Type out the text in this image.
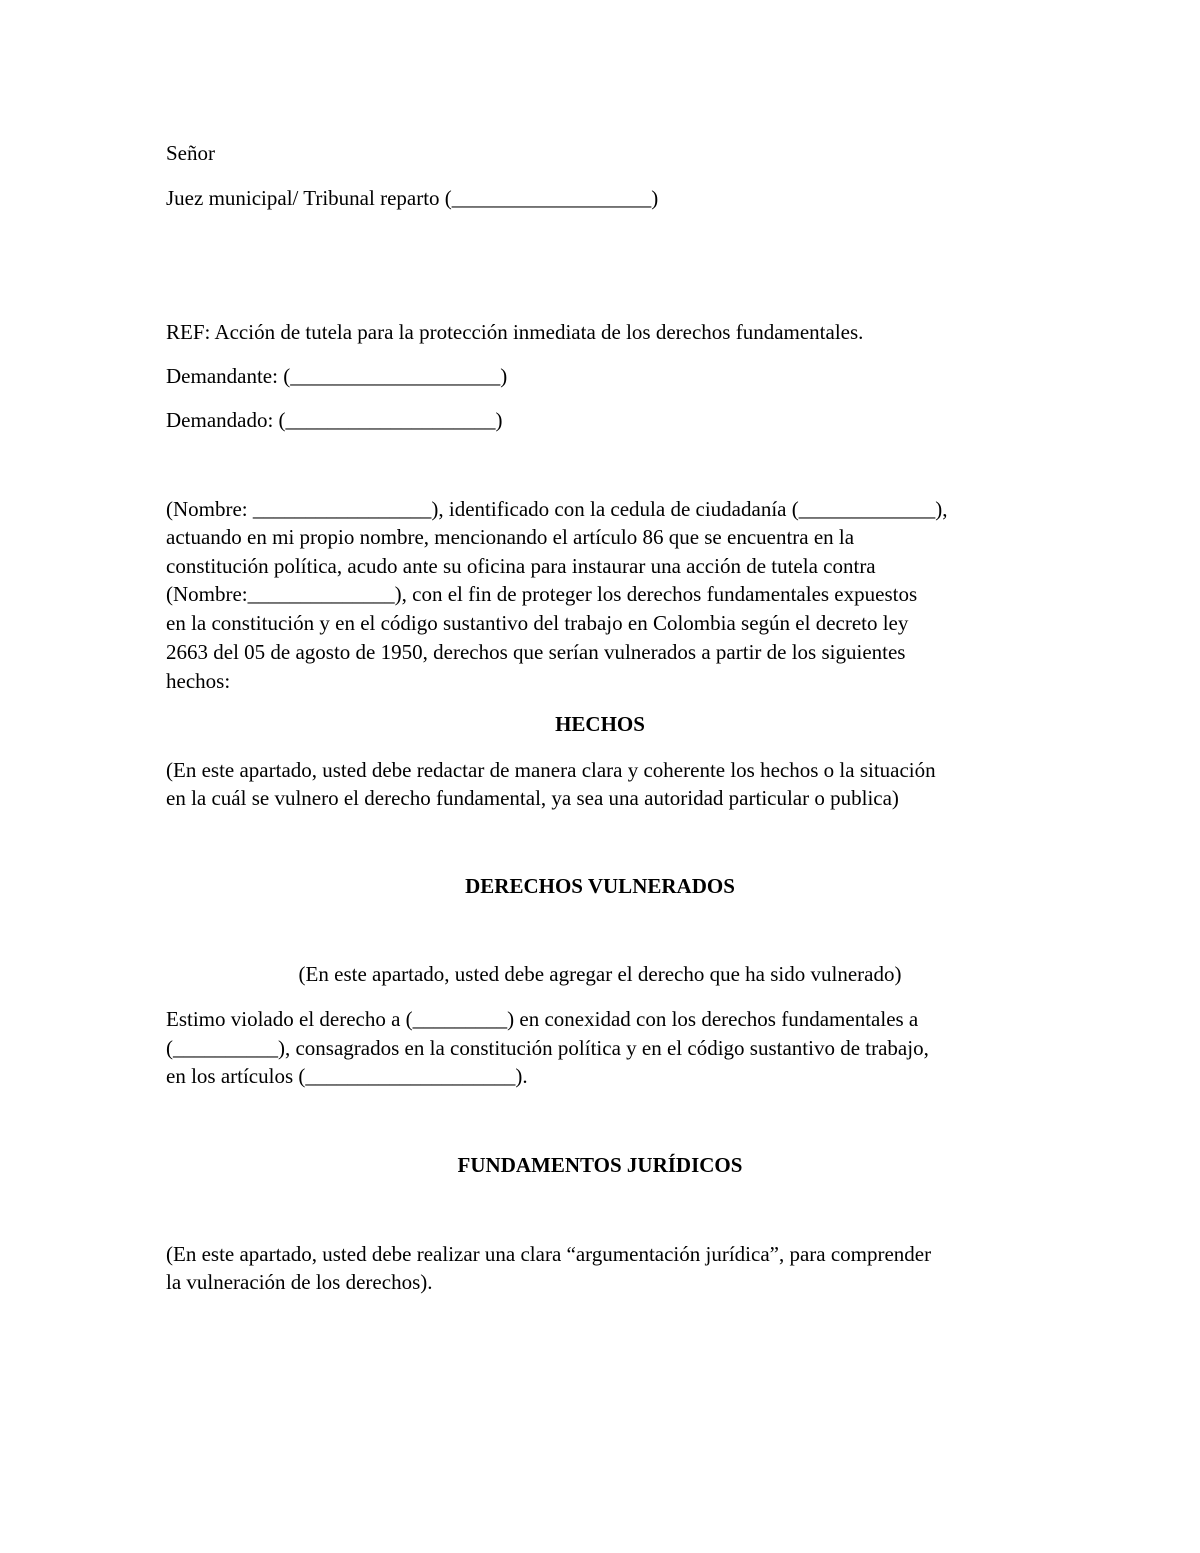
Señor

Juez municipal/ Tribunal reparto (___________________)

REF: Acción de tutela para la protección inmediata de los derechos fundamentales.

Demandante: (____________________)

Demandado: (____________________)

(Nombre: _________________), identificado con la cedula de ciudadanía (_____________),

actuando en mi propio nombre, mencionando el artículo 86 que se encuentra en la

constitución política, acudo ante su oficina para instaurar una acción de tutela contra

(Nombre:______________), con el fin de proteger los derechos fundamentales expuestos

en la constitución y en el código sustantivo del trabajo en Colombia según el decreto ley

2663 del 05 de agosto de 1950, derechos que serían vulnerados a partir de los siguientes

hechos:

HECHOS

(En este apartado, usted debe redactar de manera clara y coherente los hechos o la situación

en la cuál se vulnero el derecho fundamental, ya sea una autoridad particular o publica)

DERECHOS VULNERADOS

(En este apartado, usted debe agregar el derecho que ha sido vulnerado)

Estimo violado el derecho a (_________) en conexidad con los derechos fundamentales a

(__________), consagrados en la constitución política y en el código sustantivo de trabajo,

en los artículos (____________________).

FUNDAMENTOS JURÍDICOS

(En este apartado, usted debe realizar una clara “argumentación jurídica”, para comprender

la vulneración de los derechos).
